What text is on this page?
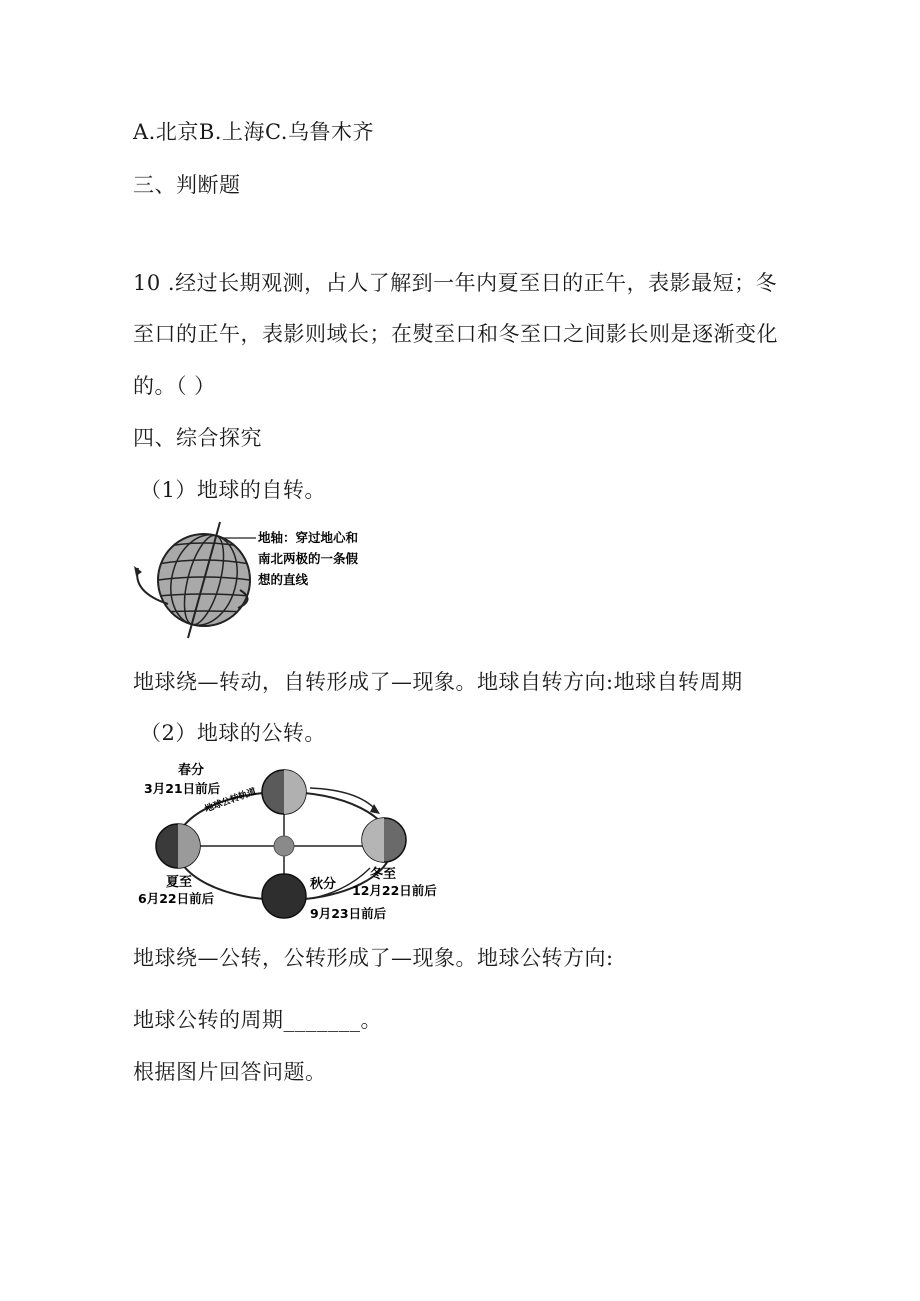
A.北京B.上海C.乌鲁木齐
三、判断题
10 .经过长期观测，占人了解到一年内夏至日的正午，表影最短；冬
至口的正午，表影则域长；在熨至口和冬至口之间影长则是逐渐变化
的。（ ）
四、综合探究
（1）地球的自转。
地轴：穿过地心和
南北两极的一条假
想的直线
地球绕—转动，自转形成了—现象。地球自转方向:地球自转周期
（2）地球的公转。
地球公转轨道
春分
3月21日前后
夏至
6月22日前后
秋分
9月23日前后
冬至
12月22日前后
地球绕—公转，公转形成了—现象。地球公转方向:
地球公转的周期_______。
根据图片回答问题。
